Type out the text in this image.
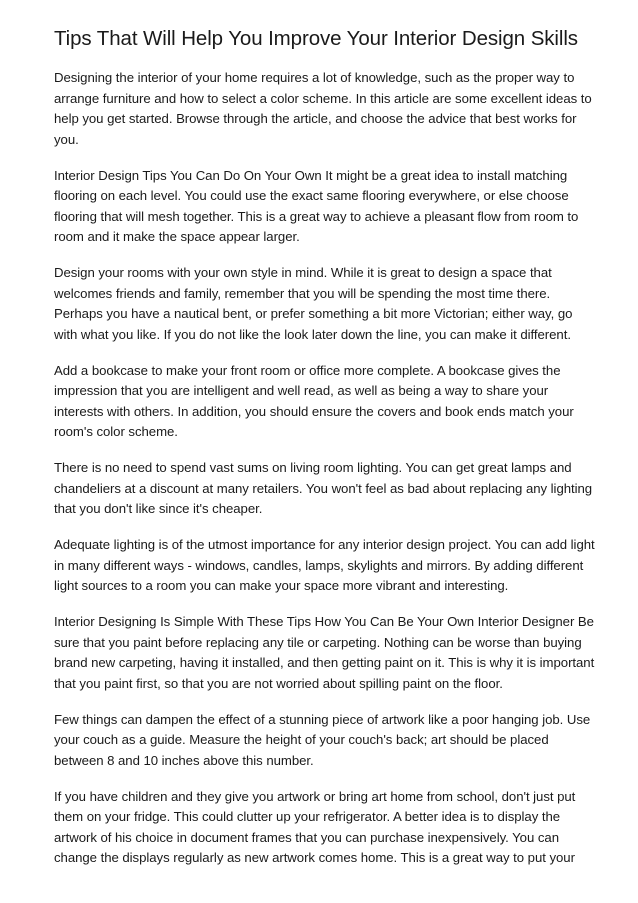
Tips That Will Help You Improve Your Interior Design Skills

Designing the interior of your home requires a lot of knowledge, such as the proper way to arrange furniture and how to select a color scheme. In this article are some excellent ideas to help you get started. Browse through the article, and choose the advice that best works for you.

Interior Design Tips You Can Do On Your Own It might be a great idea to install matching flooring on each level. You could use the exact same flooring everywhere, or else choose flooring that will mesh together. This is a great way to achieve a pleasant flow from room to room and it make the space appear larger.

Design your rooms with your own style in mind. While it is great to design a space that welcomes friends and family, remember that you will be spending the most time there. Perhaps you have a nautical bent, or prefer something a bit more Victorian; either way, go with what you like. If you do not like the look later down the line, you can make it different.

Add a bookcase to make your front room or office more complete. A bookcase gives the impression that you are intelligent and well read, as well as being a way to share your interests with others. In addition, you should ensure the covers and book ends match your room's color scheme.

There is no need to spend vast sums on living room lighting. You can get great lamps and chandeliers at a discount at many retailers. You won't feel as bad about replacing any lighting that you don't like since it's cheaper.

Adequate lighting is of the utmost importance for any interior design project. You can add light in many different ways - windows, candles, lamps, skylights and mirrors. By adding different light sources to a room you can make your space more vibrant and interesting.

Interior Designing Is Simple With These Tips How You Can Be Your Own Interior Designer Be sure that you paint before replacing any tile or carpeting. Nothing can be worse than buying brand new carpeting, having it installed, and then getting paint on it. This is why it is important that you paint first, so that you are not worried about spilling paint on the floor.

Few things can dampen the effect of a stunning piece of artwork like a poor hanging job. Use your couch as a guide. Measure the height of your couch's back; art should be placed between 8 and 10 inches above this number.

If you have children and they give you artwork or bring art home from school, don't just put them on your fridge. This could clutter up your refrigerator. A better idea is to display the artwork of his choice in document frames that you can purchase inexpensively. You can change the displays regularly as new artwork comes home. This is a great way to put your
